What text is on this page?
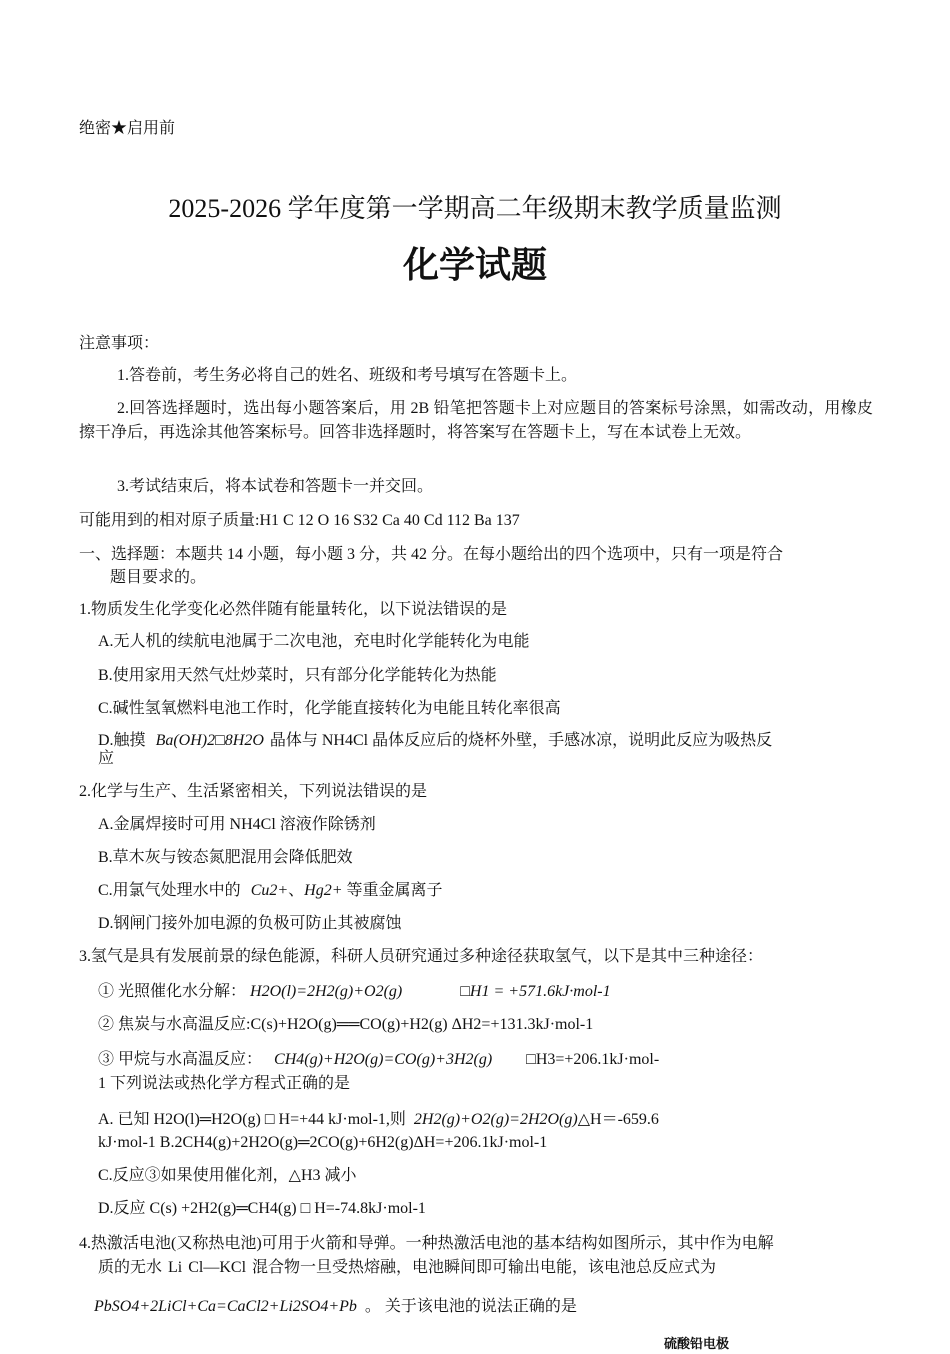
绝密★启用前
2025-2026 学年度第一学期高二年级期末教学质量监测
化学试题
注意事项：
1.答卷前，考生务必将自己的姓名、班级和考号填写在答题卡上。
2.回答选择题时，选出每小题答案后，用 2B 铅笔把答题卡上对应题目的答案标号涂黑，如需改动，用橡皮擦干净后，再选涂其他答案标号。回答非选择题时，将答案写在答题卡上，写在本试卷上无效。
3.考试结束后，将本试卷和答题卡一并交回。
可能用到的相对原子质量:H1 C 12 O 16 S32 Ca 40 Cd 112 Ba 137
一、选择题：本题共 14 小题，每小题 3 分，共 42 分。在每小题给出的四个选项中，只有一项是符合
题目要求的。
1.物质发生化学变化必然伴随有能量转化，以下说法错误的是
A.无人机的续航电池属于二次电池，充电时化学能转化为电能
B.使用家用天然气灶炒菜时，只有部分化学能转化为热能
C.碱性氢氧燃料电池工作时，化学能直接转化为电能且转化率很高
D.触摸 Ba(OH)2□8H2O 晶体与 NH4Cl 晶体反应后的烧杯外壁，手感冰凉，说明此反应为吸热反
应
2.化学与生产、生活紧密相关，下列说法错误的是
A.金属焊接时可用 NH4Cl 溶液作除锈剂
B.草木灰与铵态氮肥混用会降低肥效
C.用氯气处理水中的 Cu2+、Hg2+ 等重金属离子
D.钢闸门接外加电源的负极可防止其被腐蚀
3.氢气是具有发展前景的绿色能源，科研人员研究通过多种途径获取氢气，以下是其中三种途径：
① 光照催化水分解： H2O(l)=2H2(g)+O2(g)	□H1 = +571.6kJ·mol-1
② 焦炭与水高温反应:C(s)+H2O(g)══CO(g)+H2(g) ΔH2=+131.3kJ·mol-1
③ 甲烷与水高温反应： CH4(g)+H2O(g)=CO(g)+3H2(g) □H3=+206.1kJ·mol-
1 下列说法或热化学方程式正确的是
A. 已知 H2O(l)═H2O(g) □ H=+44 kJ·mol-1,则 2H2(g)+O2(g)=2H2O(g)△H＝-659.6
kJ·mol-1 B.2CH4(g)+2H2O(g)═2CO(g)+6H2(g)ΔH=+206.1kJ·mol-1
C.反应③如果使用催化剂，△H3 减小
D.反应 C(s) +2H2(g)═CH4(g) □ H=-74.8kJ·mol-1
4.热激活电池(又称热电池)可用于火箭和导弹。一种热激活电池的基本结构如图所示，其中作为电解
质的无水 Li Cl—KCl 混合物一旦受热熔融，电池瞬间即可输出电能，该电池总反应式为
PbSO4+2LiCl+Ca=CaCl2+Li2SO4+Pb 。 关于该电池的说法正确的是
硫酸铅电极
